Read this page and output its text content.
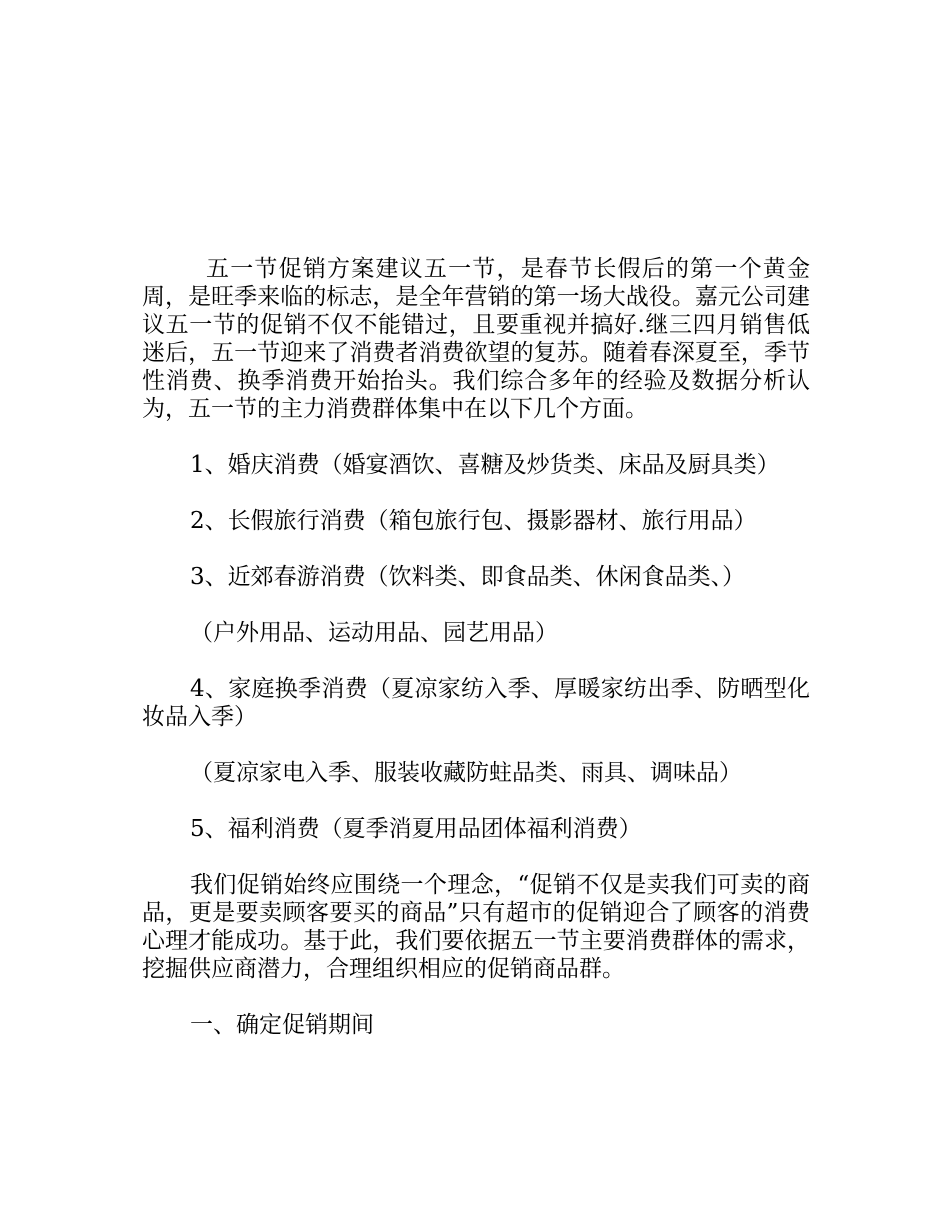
五一节促销方案建议五一节，是春节长假后的第一个黄金周，是旺季来临的标志，是全年营销的第一场大战役。嘉元公司建议五一节的促销不仅不能错过，且要重视并搞好.继三四月销售低迷后，五一节迎来了消费者消费欲望的复苏。随着春深夏至，季节性消费、换季消费开始抬头。我们综合多年的经验及数据分析认为，五一节的主力消费群体集中在以下几个方面。

1、婚庆消费（婚宴酒饮、喜糖及炒货类、床品及厨具类）

2、长假旅行消费（箱包旅行包、摄影器材、旅行用品）

3、近郊春游消费（饮料类、即食品类、休闲食品类、）

（户外用品、运动用品、园艺用品）

4、家庭换季消费（夏凉家纺入季、厚暖家纺出季、防晒型化妆品入季）

（夏凉家电入季、服装收藏防蛀品类、雨具、调味品）

5、福利消费（夏季消夏用品团体福利消费）

我们促销始终应围绕一个理念，“促销不仅是卖我们可卖的商品，更是要卖顾客要买的商品”只有超市的促销迎合了顾客的消费心理才能成功。基于此，我们要依据五一节主要消费群体的需求，挖掘供应商潜力，合理组织相应的促销商品群。

一、确定促销期间
